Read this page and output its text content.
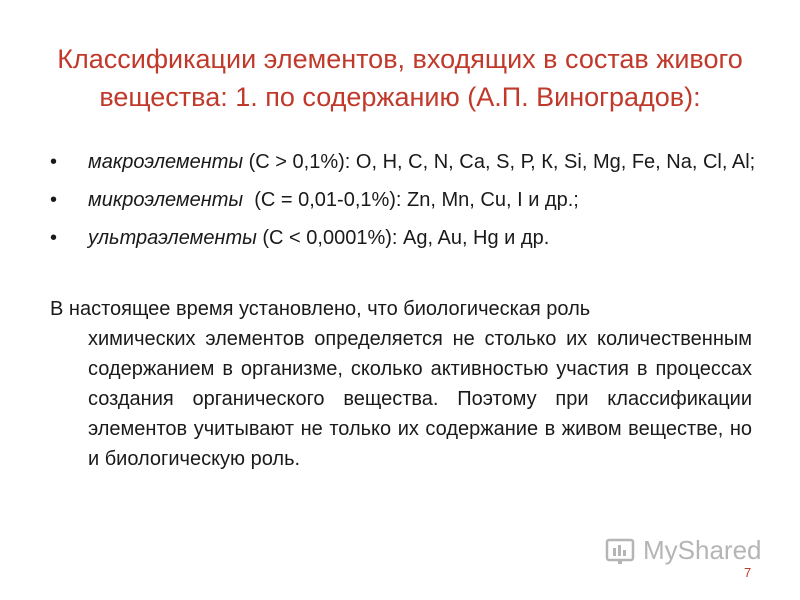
Классификации элементов, входящих в состав живого вещества: 1. по содержанию (А.П. Виноградов):
• макроэлементы (С > 0,1%): О, Н, С, N, Са, S, Р, К, Si, Mg, Fe, Na, Cl, Al;
• микроэлементы  (С = 0,01-0,1%): Zn, Mn, Cu, I и др.;
• ультраэлементы (С < 0,0001%): Ag, Au, Hg и др.
В настоящее время установлено, что биологическая роль
химических элементов определяется не столько их количественным содержанием в организме, сколько активностью участия в процессах создания органического вещества. Поэтому при классификации элементов учитывают не только их содержание в живом веществе, но и биологическую роль.
MyShared
7
